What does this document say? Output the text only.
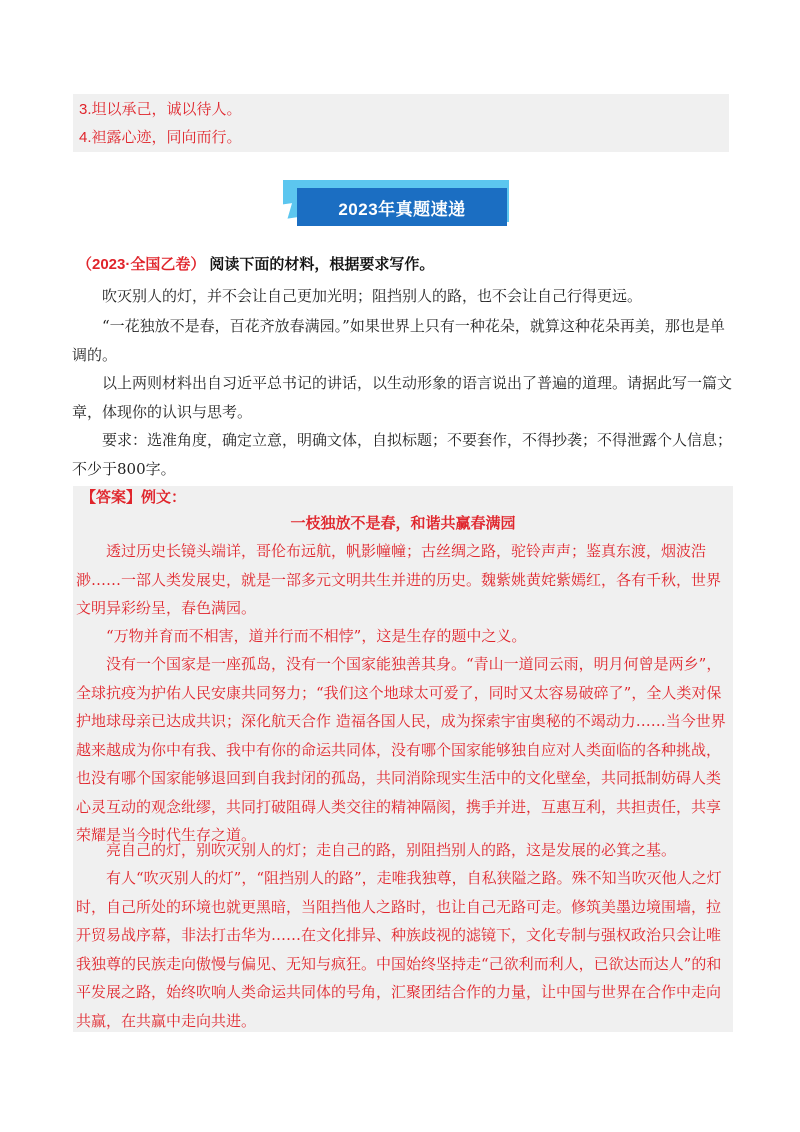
3.坦以承己，诚以待人。
4.袒露心迹，同向而行。
2023年真题速递
（2023·全国乙卷） 阅读下面的材料，根据要求写作。

吹灭别人的灯，并不会让自己更加光明；阻挡别人的路，也不会让自己行得更远。

“一花独放不是春，百花齐放春满园。”如果世界上只有一种花朵，就算这种花朵再美，那也是单调的。

以上两则材料出自习近平总书记的讲话，以生动形象的语言说出了普遍的道理。请据此写一篇文章，体现你的认识与思考。

要求：选准角度，确定立意，明确文体，自拟标题；不要套作，不得抄袭；不得泄露个人信息；不少于800字。

【答案】例文：
一枝独放不是春，和谐共赢春满园

透过历史长镜头端详，哥伦布远航，帆影幢幢；古丝绸之路，驼铃声声；鉴真东渡，烟波浩渺……一部人类发展史，就是一部多元文明共生并进的历史。魏紫姚黄姹紫嫣红，各有千秋，世界文明异彩纷呈，春色满园。

“万物并育而不相害，道并行而不相悖”，这是生存的题中之义。

没有一个国家是一座孤岛，没有一个国家能独善其身。“青山一道同云雨，明月何曾是两乡”，全球抗疫为护佑人民安康共同努力；“我们这个地球太可爱了，同时又太容易破碎了”，全人类对保护地球母亲已达成共识；深化航天合作 造福各国人民，成为探索宇宙奥秘的不竭动力……当今世界越来越成为你中有我、我中有你的命运共同体，没有哪个国家能够独自应对人类面临的各种挑战，也没有哪个国家能够退回到自我封闭的孤岛，共同消除现实生活中的文化壁垒，共同抵制妨碍人类心灵互动的观念纰缪，共同打破阻碍人类交往的精神隔阂，携手并进，互惠互利，共担责任，共享荣耀是当今时代生存之道。

亮自己的灯，别吹灭别人的灯；走自己的路，别阻挡别人的路，这是发展的必箕之基。

有人“吹灭别人的灯”，“阻挡别人的路”，走唯我独尊，自私狭隘之路。殊不知当吹灭他人之灯时，自己所处的环境也就更黑暗，当阻挡他人之路时，也让自己无路可走。修筑美墨边境围墙，拉开贸易战序幕，非法打击华为……在文化排异、种族歧视的滤镜下，文化专制与强权政治只会让唯我独尊的民族走向傲慢与偏见、无知与疯狂。中国始终坚持走“己欲利而利人，已欲达而达人”的和平发展之路，始终吹响人类命运共同体的号角，汇聚团结合作的力量，让中国与世界在合作中走向共赢，在共赢中走向共进。
